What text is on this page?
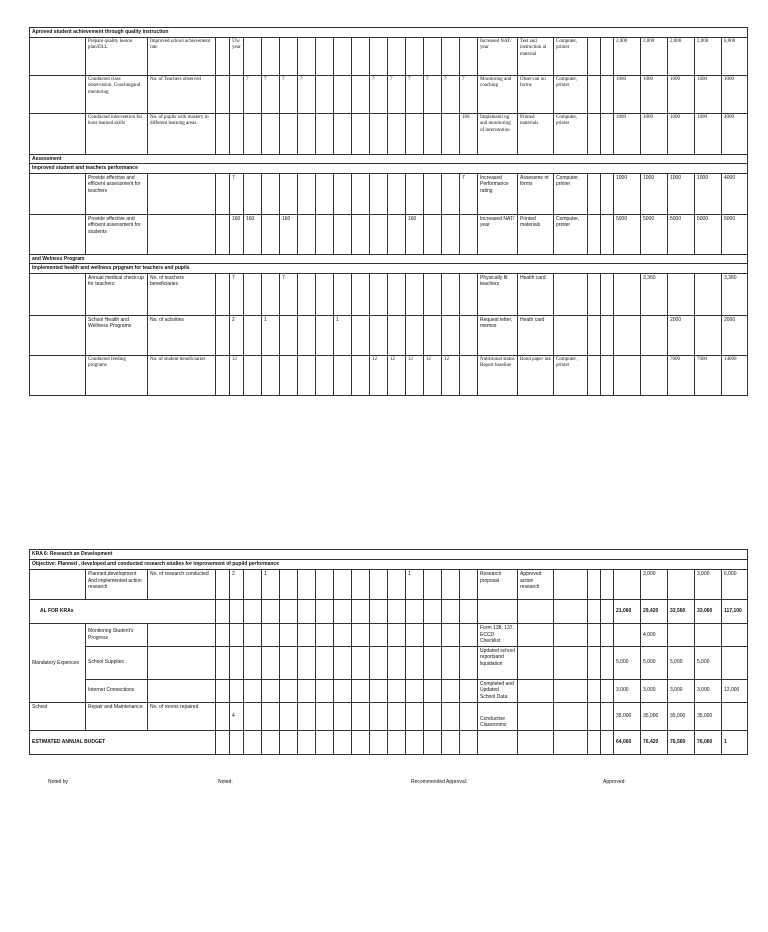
Aproved student achievement through quality instruction																											
	Prepare quality lesson plan/DLL	Improved school achievement rate		5%/ year														Increased NAT/ year	Test and instruction al material	Computer, printer			2,000	2,000	2,000	2,000	8,000
	Conducted class observation, Coachingand mentoring	No. of Teachers observed			7	7	7	7				7	7	7	7	7	7	Monitoring and coaching	Observati on forms	Computer, printer			1000	1000	1000	1000	1000
	Conducted intervention for least learned skills	No. of pupils with mastery in different learning areas															160	Implementi ng and monitoring of intervention	Printed materials	Computer, printer			1000	1000	1000	1000	4000
Assessment																											
Improved student and teachers performance																											
	Provide effective and efficient assessment for teachers			7													7	Increased Performance rating	Assessme nt forms	Computer, printer			1000	1000	1000	1000	4000
	Provide effective and efficient assessment for students			160	160		160							160				Increased NAT/ year	Printed materials	Computer, printer			5000	5000	5000	5000	5000
and Welness Program																											
Implemented health and wellness prpgram for teachers and pupils																											
	Annual medical check-up for teachers	No. of teachers beneficiaries		7			7											Physically fit teachers	Health card					3,360			3,360
	School Health and Wellness Programs	No. of activities		2		1				1								Request letter, memos	Heath card						2000		2000
	Conducted feeding programs	No. of student beneficiaries		12								12	12	12	12	12		Nutritional status Report baseline	Bond paper ink	Computer , printer					7000	7000	14000
KRA 6: Research an Development																											
Objective: Planned , developed and conducted research studies for improvement of pupild performance																											
	Planned,development And implemented action research	No. of research conducted		2		1								1				Research proposal	Approved action research					3,000		3,000	6,000
AL FOR KRAs																							21,060	29,420	33,560	33,060	117,100
Mandatory Expences	Monitoring Student's Progress																	Form 138, 137, ECCD Checklist						4,000			
	School Supplies																	Updated school reportsand liquidation					5,000	5,000	5,000	5,000	
	Internet Connections																	Completed and Updated School Data					3,000	3,000	3,000	3,000	12,000
School	Repair and Maintenance	No. of rooms repaired		4														Conductive Classrooms					35,000	35,000	35,000	35,000	
ESTIMATED ANNUAL BUDGET																							64,060	76,420	76,560	76,060	1
Noted by	Noted:	Recommended Approval:	Approved:
